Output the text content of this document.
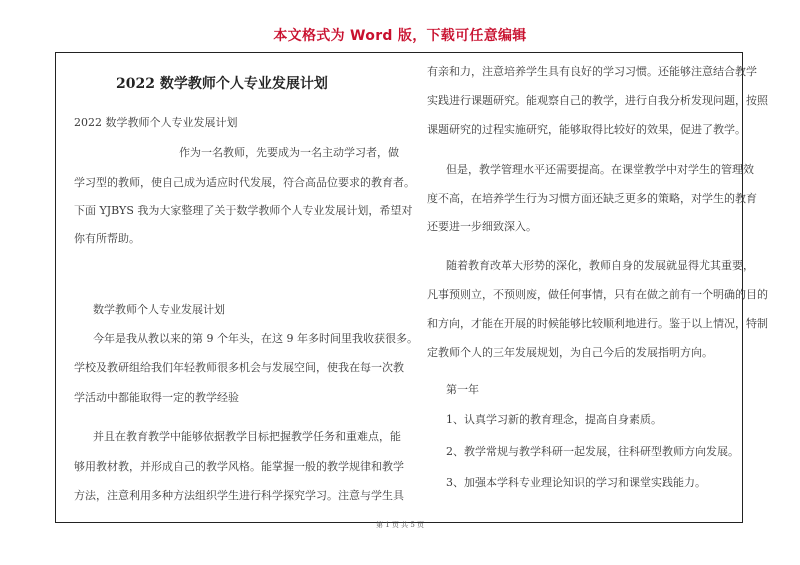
本文格式为 Word 版，下载可任意编辑
2022 数学教师个人专业发展计划
2022 数学教师个人专业发展计划
作为一名教师，先要成为一名主动学习者，做
学习型的教师，使自己成为适应时代发展，符合高品位要求的教育者。
下面 YJBYS 我为大家整理了关于数学教师个人专业发展计划，希望对
你有所帮助。
数学教师个人专业发展计划
今年是我从教以来的第 9 个年头，在这 9 年多时间里我收获很多。
学校及教研组给我们年轻教师很多机会与发展空间，使我在每一次教
学活动中都能取得一定的教学经验
并且在教育教学中能够依据教学目标把握教学任务和重难点，能
够用教材教，并形成自己的教学风格。能掌握一般的教学规律和教学
方法，注意利用多种方法组织学生进行科学探究学习。注意与学生具
有亲和力，注意培养学生具有良好的学习习惯。还能够注意结合教学
实践进行课题研究。能观察自己的教学，进行自我分析发现问题，按照
课题研究的过程实施研究，能够取得比较好的效果，促进了教学。
但是，教学管理水平还需要提高。在课堂教学中对学生的管理效
度不高，在培养学生行为习惯方面还缺乏更多的策略，对学生的教育
还要进一步细致深入。
随着教育改革大形势的深化，教师自身的发展就显得尤其重要，
凡事预则立，不预则废，做任何事情，只有在做之前有一个明确的目的
和方向，才能在开展的时候能够比较顺利地进行。鉴于以上情况，特制
定教师个人的三年发展规划，为自己今后的发展指明方向。
第一年
1、认真学习新的教育理念，提高自身素质。
2、教学常规与教学科研一起发展，往科研型教师方向发展。
3、加强本学科专业理论知识的学习和课堂实践能力。
第 1 页 共 5 页
